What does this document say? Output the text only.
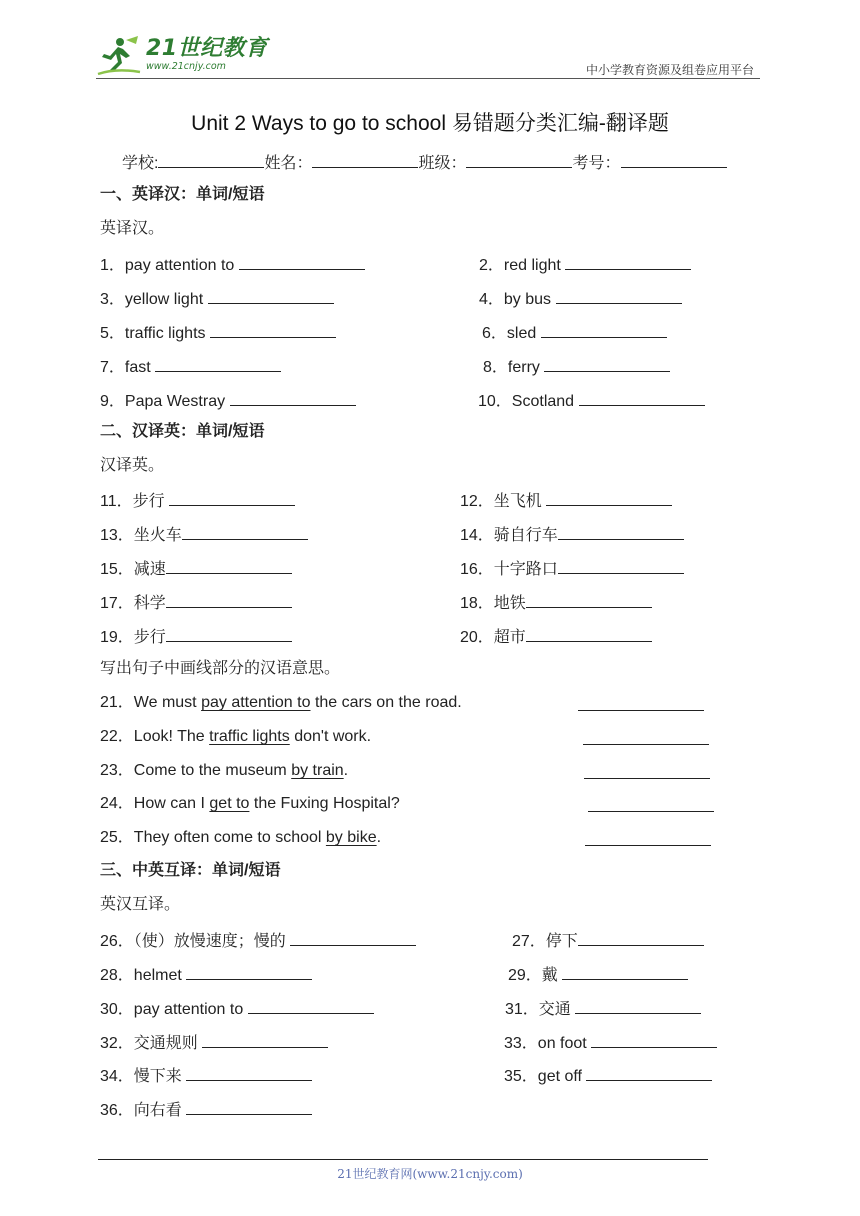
21世纪教育
www.21cnjy.com	中小学教育资源及组卷应用平台
Unit 2 Ways to go to school 易错题分类汇编-翻译题
学校:	姓名：	班级：	考号：
一、英译汉：单词/短语
英译汉。
1．pay attention to	2．red light
3．yellow light	4．by bus
5．traffic lights	6．sled
7．fast	8．ferry
9．Papa Westray	10．Scotland
二、汉译英：单词/短语
汉译英。
11．步行	12．坐飞机
13．坐火车	14．骑自行车
15．减速	16．十字路口
17．科学	18．地铁
19．步行	20．超市
写出句子中画线部分的汉语意思。
21．We must pay attention to the cars on the road.
22．Look! The traffic lights don't work.
23．Come to the museum by train.
24．How can I get to the Fuxing Hospital?
25．They often come to school by bike.
三、中英互译：单词/短语
英汉互译。
26．（使）放慢速度；慢的	27．停下
28．helmet	29．戴
30．pay attention to	31．交通
32．交通规则	33．on foot
34．慢下来	35．get off
36．向右看
21世纪教育网(www.21cnjy.com)
